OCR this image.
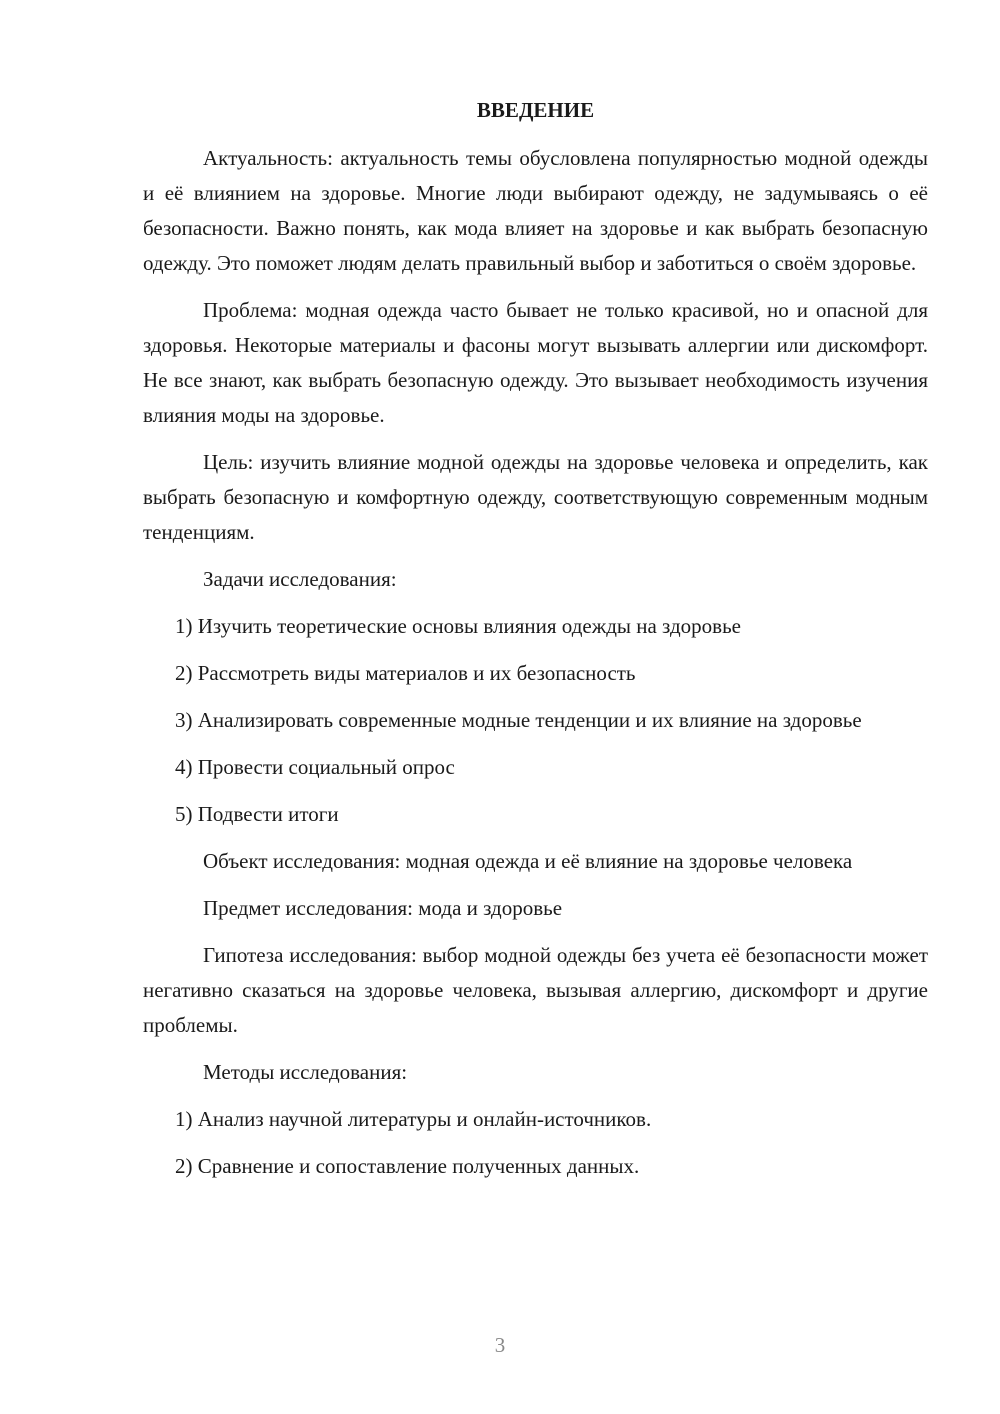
ВВЕДЕНИЕ

Актуальность: актуальность темы обусловлена популярностью модной одежды и её влиянием на здоровье. Многие люди выбирают одежду, не задумываясь о её безопасности. Важно понять, как мода влияет на здоровье и как выбрать безопасную одежду. Это поможет людям делать правильный выбор и заботиться о своём здоровье.

Проблема: модная одежда часто бывает не только красивой, но и опасной для здоровья. Некоторые материалы и фасоны могут вызывать аллергии или дискомфорт. Не все знают, как выбрать безопасную одежду. Это вызывает необходимость изучения влияния моды на здоровье.

Цель: изучить влияние модной одежды на здоровье человека и определить, как выбрать безопасную и комфортную одежду, соответствующую современным модным тенденциям.

Задачи исследования:

1) Изучить теоретические основы влияния одежды на здоровье

2) Рассмотреть виды материалов и их безопасность

3) Анализировать современные модные тенденции и их влияние на здоровье

4) Провести социальный опрос

5) Подвести итоги

Объект исследования: модная одежда и её влияние на здоровье человека

Предмет исследования: мода и здоровье

Гипотеза исследования: выбор модной одежды без учета её безопасности может негативно сказаться на здоровье человека, вызывая аллергию, дискомфорт и другие проблемы.

Методы исследования:

1) Анализ научной литературы и онлайн-источников.

2) Сравнение и сопоставление полученных данных.

3
